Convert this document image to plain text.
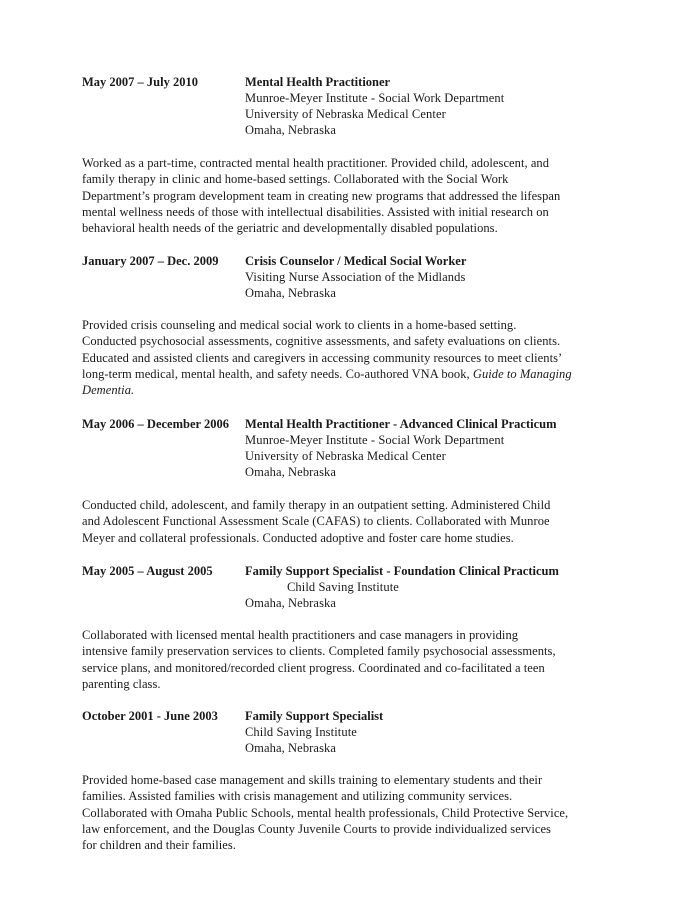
May 2007 – July 2010	Mental Health Practitioner
Munroe-Meyer Institute - Social Work Department
University of Nebraska Medical Center
Omaha, Nebraska
Worked as a part-time, contracted mental health practitioner. Provided child, adolescent, and
family therapy in clinic and home-based settings. Collaborated with the Social Work
Department’s program development team in creating new programs that addressed the lifespan
mental wellness needs of those with intellectual disabilities. Assisted with initial research on
behavioral health needs of the geriatric and developmentally disabled populations.
January 2007 – Dec. 2009 Crisis Counselor / Medical Social Worker
Visiting Nurse Association of the Midlands
Omaha, Nebraska
Provided crisis counseling and medical social work to clients in a home-based setting.
Conducted psychosocial assessments, cognitive assessments, and safety evaluations on clients.
Educated and assisted clients and caregivers in accessing community resources to meet clients’
long-term medical, mental health, and safety needs. Co-authored VNA book, Guide to Managing
Dementia.
May 2006 – December 2006 Mental Health Practitioner - Advanced Clinical Practicum
Munroe-Meyer Institute - Social Work Department
University of Nebraska Medical Center
Omaha, Nebraska
Conducted child, adolescent, and family therapy in an outpatient setting. Administered Child
and Adolescent Functional Assessment Scale (CAFAS) to clients. Collaborated with Munroe
Meyer and collateral professionals. Conducted adoptive and foster care home studies.
May 2005 – August 2005	Family Support Specialist - Foundation Clinical Practicum
Child Saving Institute
Omaha, Nebraska
Collaborated with licensed mental health practitioners and case managers in providing
intensive family preservation services to clients. Completed family psychosocial assessments,
service plans, and monitored/recorded client progress. Coordinated and co-facilitated a teen
parenting class.
October 2001 - June 2003 Family Support Specialist
Child Saving Institute
Omaha, Nebraska
Provided home-based case management and skills training to elementary students and their
families. Assisted families with crisis management and utilizing community services.
Collaborated with Omaha Public Schools, mental health professionals, Child Protective Service,
law enforcement, and the Douglas County Juvenile Courts to provide individualized services
for children and their families.
